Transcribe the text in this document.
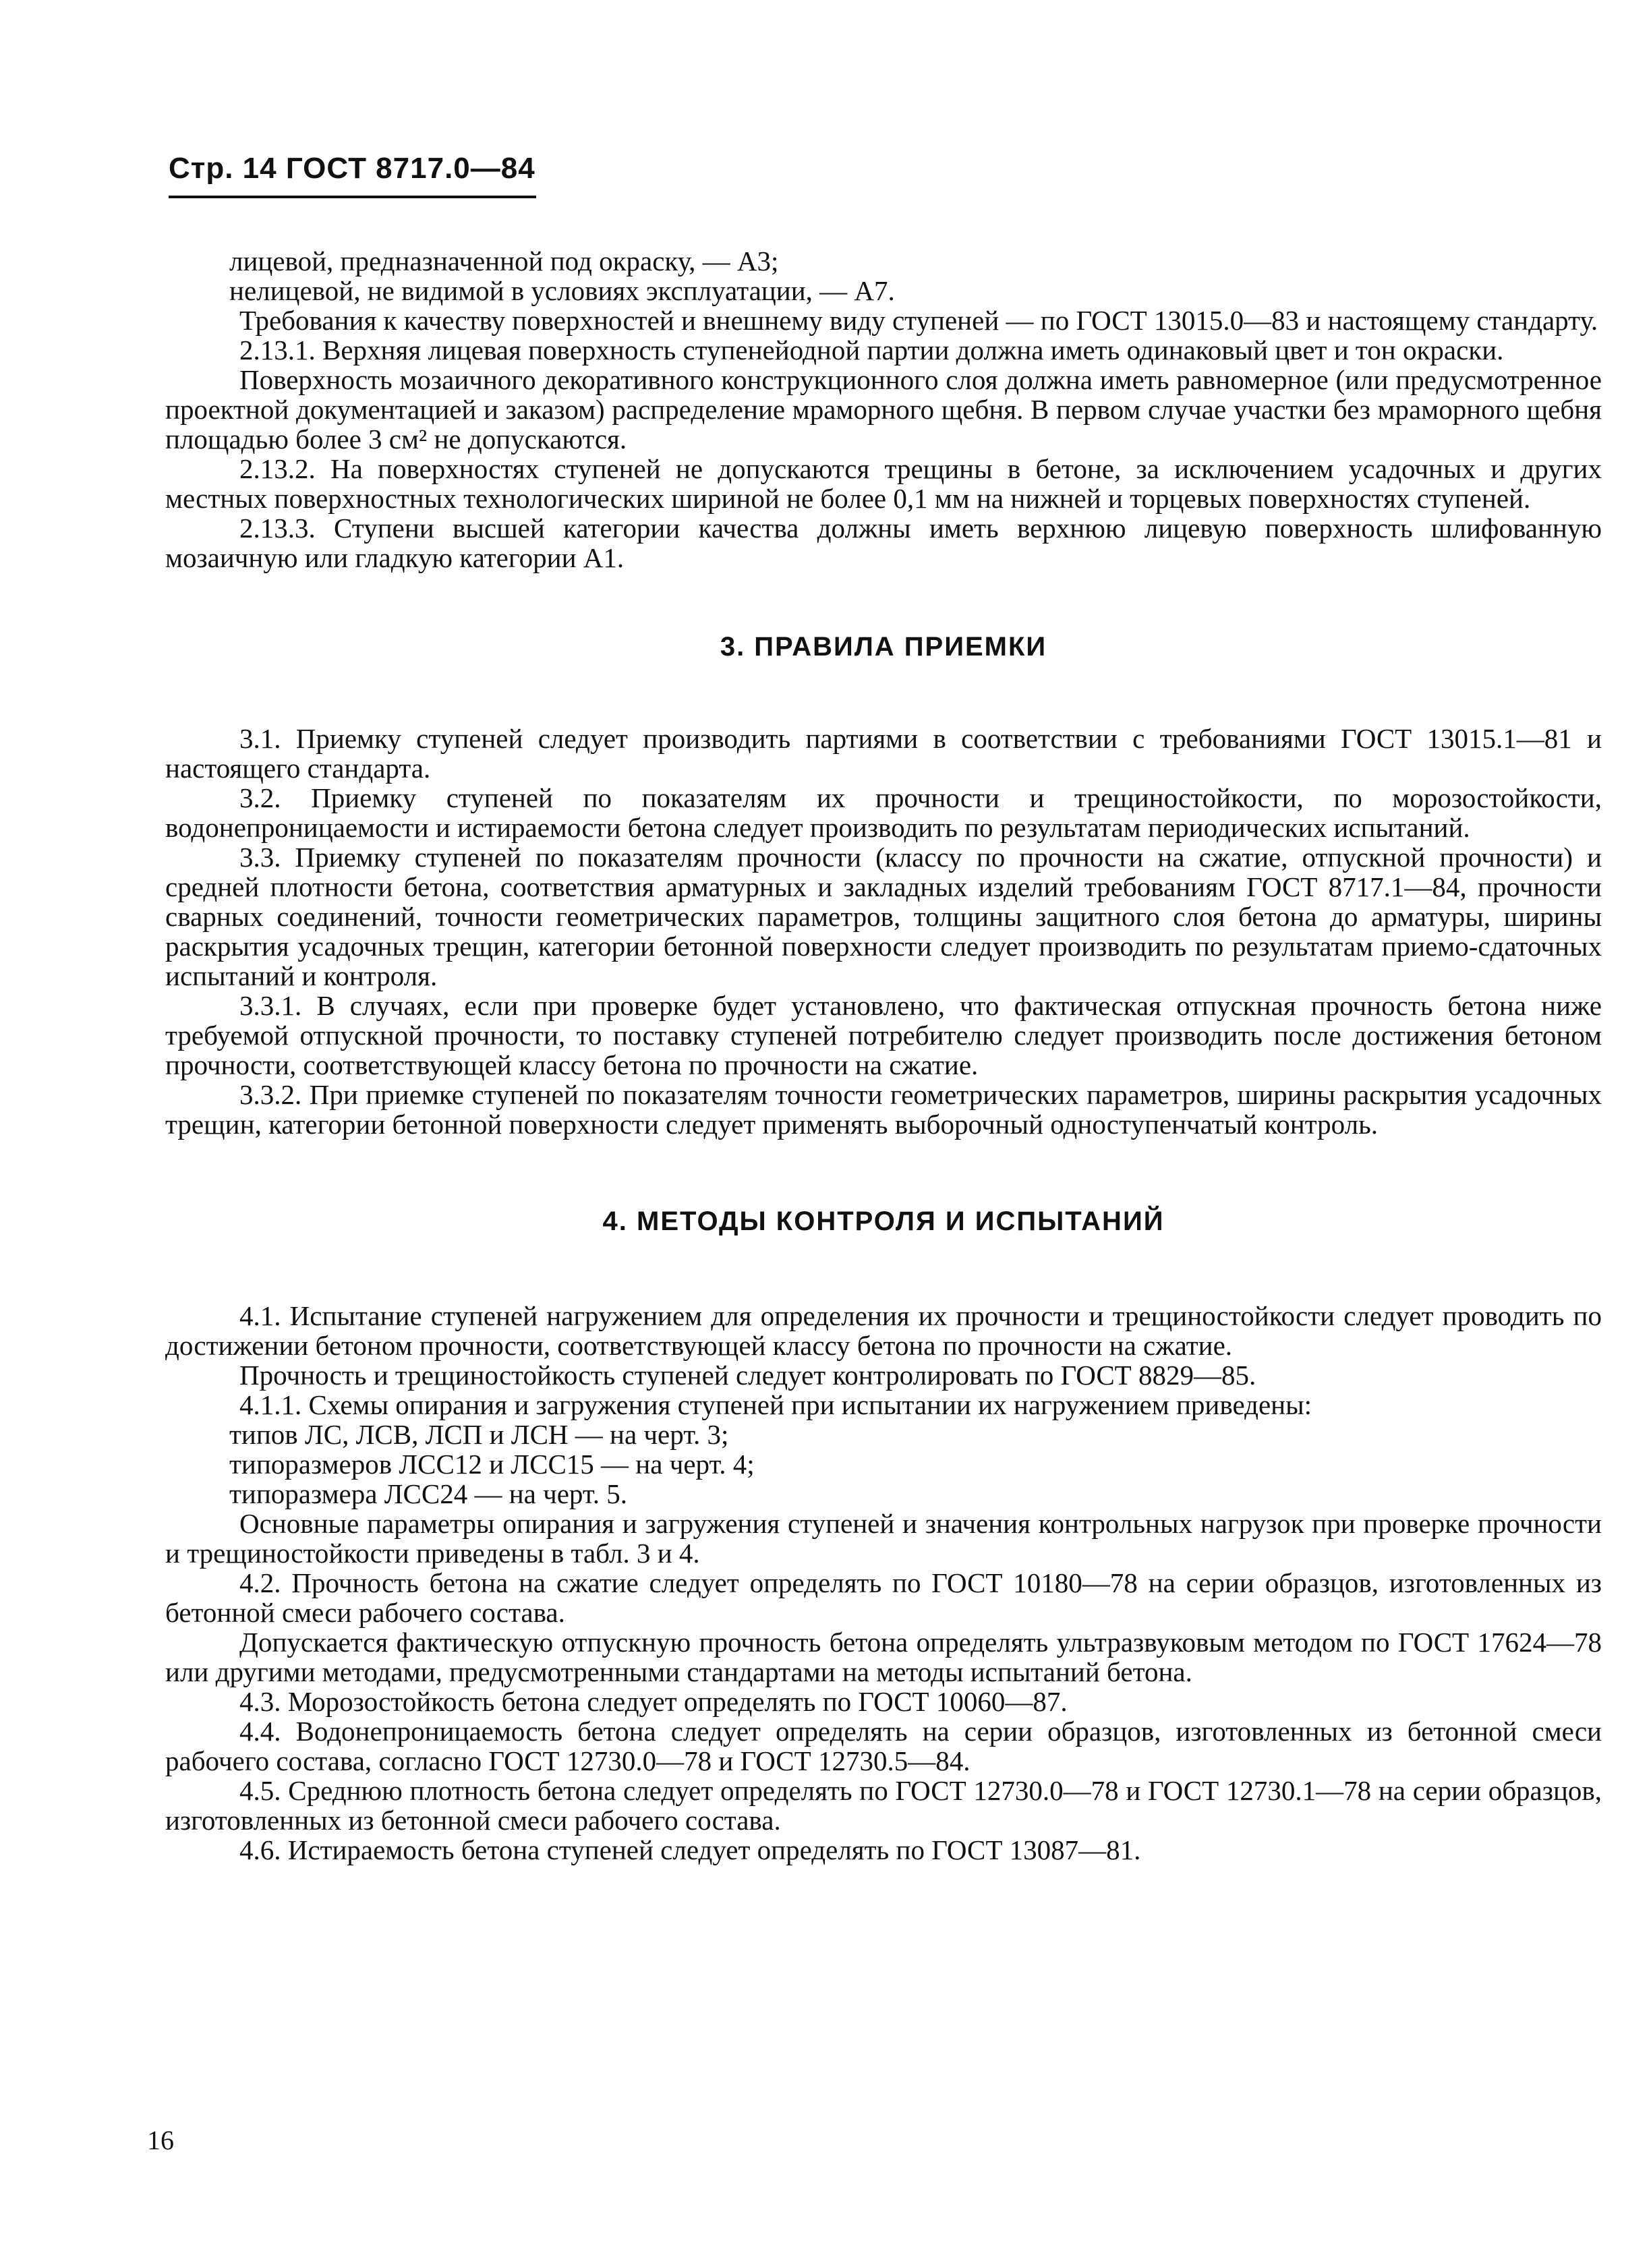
Стр. 14 ГОСТ 8717.0—84

лицевой, предназначенной под окраску, — А3;

нелицевой, не видимой в условиях эксплуатации, — А7.

Требования к качеству поверхностей и внешнему виду ступеней — по ГОСТ 13015.0—83 и настоящему стандарту.

2.13.1. Верхняя лицевая поверхность ступенейодной партии должна иметь одинаковый цвет и тон окраски.

Поверхность мозаичного декоративного конструкционного слоя должна иметь равномерное (или предусмотренное проектной документацией и заказом) распределение мраморного щебня. В первом случае участки без мраморного щебня площадью более 3 см² не допускаются.

2.13.2. На поверхностях ступеней не допускаются трещины в бетоне, за исключением усадочных и других местных поверхностных технологических шириной не более 0,1 мм на нижней и торцевых поверхностях ступеней.

2.13.3. Ступени высшей категории качества должны иметь верхнюю лицевую поверхность шлифованную мозаичную или гладкую категории А1.

3. ПРАВИЛА ПРИЕМКИ

3.1. Приемку ступеней следует производить партиями в соответствии с требованиями ГОСТ 13015.1—81 и настоящего стандарта.

3.2. Приемку ступеней по показателям их прочности и трещиностойкости, по морозостойкости, водонепроницаемости и истираемости бетона следует производить по результатам периодических испытаний.

3.3. Приемку ступеней по показателям прочности (классу по прочности на сжатие, отпускной прочности) и средней плотности бетона, соответствия арматурных и закладных изделий требованиям ГОСТ 8717.1—84, прочности сварных соединений, точности геометрических параметров, толщины защитного слоя бетона до арматуры, ширины раскрытия усадочных трещин, категории бетонной поверхности следует производить по результатам приемо-сдаточных испытаний и контроля.

3.3.1. В случаях, если при проверке будет установлено, что фактическая отпускная прочность бетона ниже требуемой отпускной прочности, то поставку ступеней потребителю следует производить после достижения бетоном прочности, соответствующей классу бетона по прочности на сжатие.

3.3.2. При приемке ступеней по показателям точности геометрических параметров, ширины раскрытия усадочных трещин, категории бетонной поверхности следует применять выборочный одноступенчатый контроль.

4. МЕТОДЫ КОНТРОЛЯ И ИСПЫТАНИЙ

4.1. Испытание ступеней нагружением для определения их прочности и трещиностойкости следует проводить по достижении бетоном прочности, соответствующей классу бетона по прочности на сжатие.

Прочность и трещиностойкость ступеней следует контролировать по ГОСТ 8829—85.

4.1.1. Схемы опирания и загружения ступеней при испытании их нагружением приведены:

типов ЛС, ЛСВ, ЛСП и ЛСН — на черт. 3;

типоразмеров ЛСС12 и ЛСС15 — на черт. 4;

типоразмера ЛСС24 — на черт. 5.

Основные параметры опирания и загружения ступеней и значения контрольных нагрузок при проверке прочности и трещиностойкости приведены в табл. 3 и 4.

4.2. Прочность бетона на сжатие следует определять по ГОСТ 10180—78 на серии образцов, изготовленных из бетонной смеси рабочего состава.

Допускается фактическую отпускную прочность бетона определять ультразвуковым методом по ГОСТ 17624—78 или другими методами, предусмотренными стандартами на методы испытаний бетона.

4.3. Морозостойкость бетона следует определять по ГОСТ 10060—87.

4.4. Водонепроницаемость бетона следует определять на серии образцов, изготовленных из бетонной смеси рабочего состава, согласно ГОСТ 12730.0—78 и ГОСТ 12730.5—84.

4.5. Среднюю плотность бетона следует определять по ГОСТ 12730.0—78 и ГОСТ 12730.1—78 на серии образцов, изготовленных из бетонной смеси рабочего состава.

4.6. Истираемость бетона ступеней следует определять по ГОСТ 13087—81.

16
